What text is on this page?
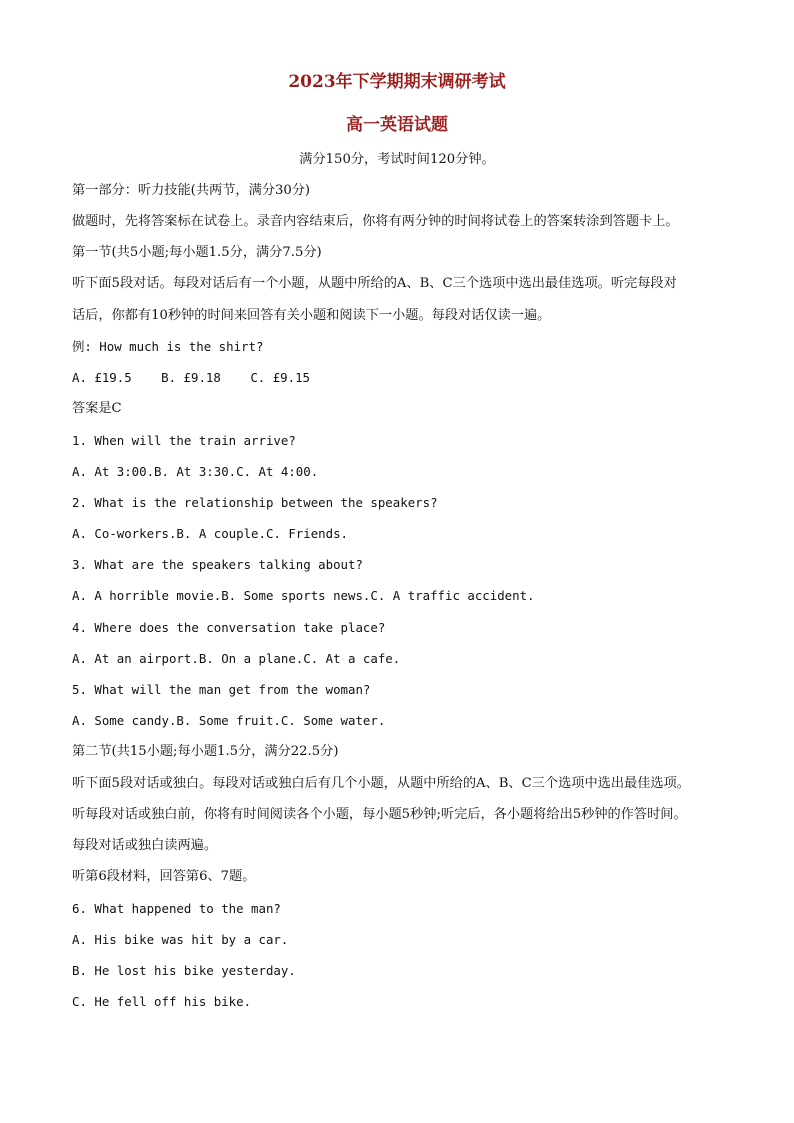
2023年下学期期末调研考试
高一英语试题
满分150分，考试时间120分钟。
第一部分：听力技能(共两节，满分30分)
做题时，先将答案标在试卷上。录音内容结束后，你将有两分钟的时间将试卷上的答案转涂到答题卡上。
第一节(共5小题;每小题1.5分，满分7.5分)
听下面5段对话。每段对话后有一个小题，从题中所给的A、B、C三个选项中选出最佳选项。听完每段对
话后，你都有10秒钟的时间来回答有关小题和阅读下一小题。每段对话仅读一遍。
例: How much is the shirt?
A. £19.5 B. £9.18 C. £9.15
答案是C
1. When will the train arrive?
A. At 3:00.B. At 3:30.C. At 4:00.
2. What is the relationship between the speakers?
A. Co-workers.B. A couple.C. Friends.
3. What are the speakers talking about?
A. A horrible movie.B. Some sports news.C. A traffic accident.
4. Where does the conversation take place?
A. At an airport.B. On a plane.C. At a cafe.
5. What will the man get from the woman?
A. Some candy.B. Some fruit.C. Some water.
第二节(共15小题;每小题1.5分，满分22.5分)
听下面5段对话或独白。每段对话或独白后有几个小题，从题中所给的A、B、C三个选项中选出最佳选项。
听每段对话或独白前，你将有时间阅读各个小题，每小题5秒钟;听完后，各小题将给出5秒钟的作答时间。
每段对话或独白读两遍。
听第6段材料，回答第6、7题。
6. What happened to the man?
A. His bike was hit by a car.
B. He lost his bike yesterday.
C. He fell off his bike.
